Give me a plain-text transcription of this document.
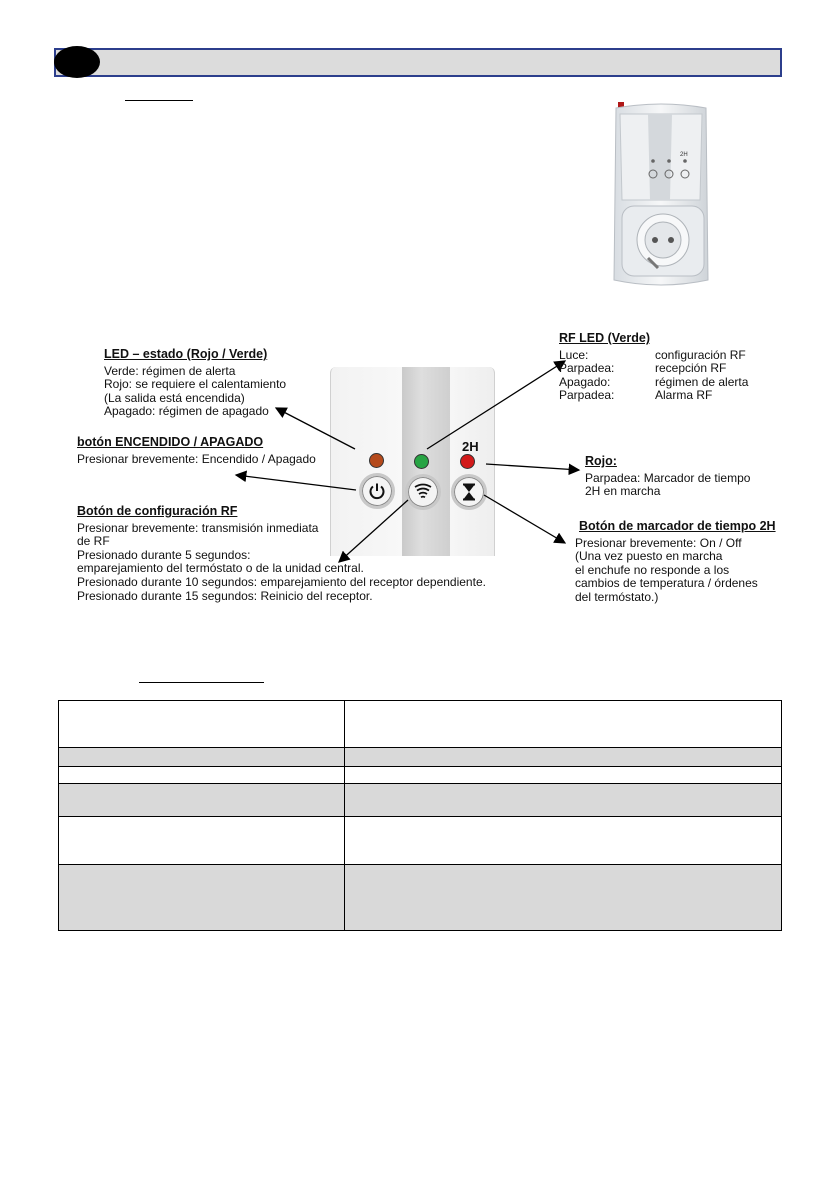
2H
2H
LED – estado (Rojo / Verde)
Verde: régimen de alerta
Rojo: se requiere el calentamiento
(La salida está encendida)
Apagado: régimen de apagado
botón ENCENDIDO / APAGADO
Presionar brevemente: Encendido / Apagado
Botón de configuración RF
Presionar brevemente: transmisión inmediata
de RF
Presionado durante 5 segundos:
emparejamiento del termóstato o de la unidad central.
Presionado durante 10 segundos: emparejamiento del receptor dependiente.
Presionado durante 15 segundos: Reinicio del receptor.
RF LED (Verde)
Luce:	configuración RF
Parpadea:	recepción RF
Apagado:	régimen de alerta
Parpadea:	Alarma RF
Rojo:
Parpadea: Marcador de tiempo
2H en marcha
Botón de marcador de tiempo 2H
Presionar brevemente: On / Off
(Una vez puesto en marcha
el enchufe no responde a los
cambios de temperatura / órdenes
del termóstato.)
